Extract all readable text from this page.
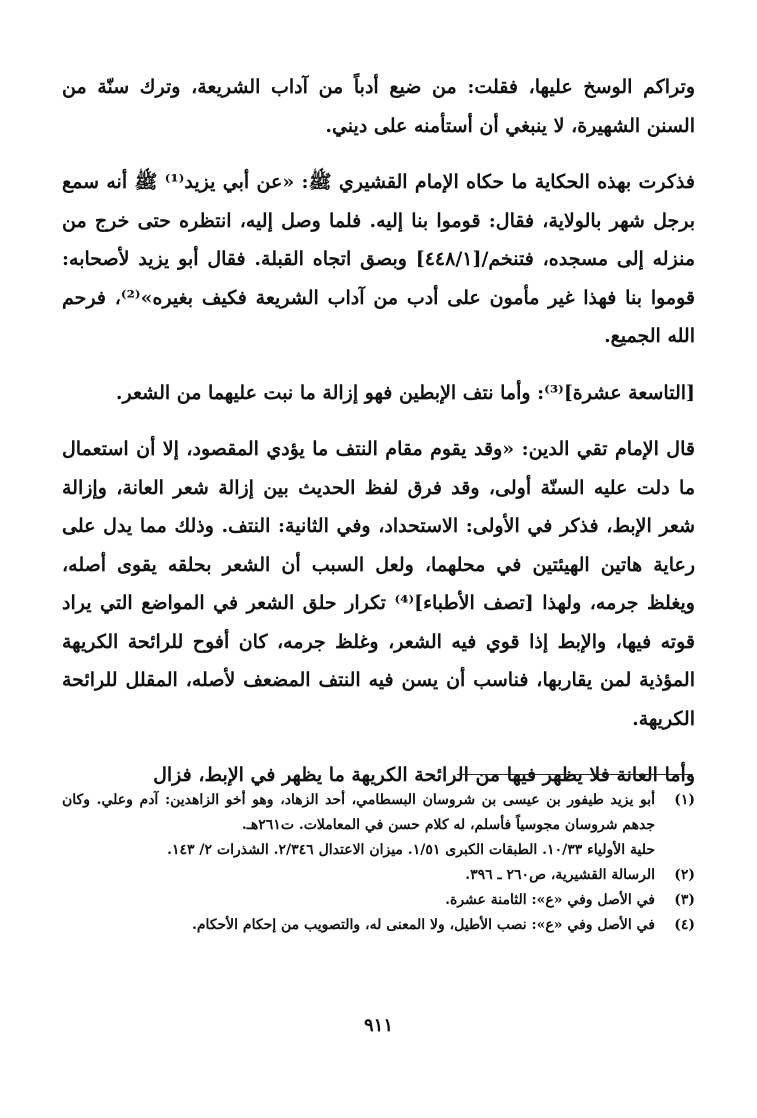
وتراكم الوسخ عليها، فقلت: من ضيع أدباً من آداب الشريعة، وترك سنّة من السنن الشهيرة، لا ينبغي أن أستأمنه على ديني.

فذكرت بهذه الحكاية ما حكاه الإمام القشيري ﷺ: «عن أبي يزيد⁽¹⁾ ﷺ أنه سمع برجل شهر بالولاية، فقال: قوموا بنا إليه. فلما وصل إليه، انتظره حتى خرج من منزله إلى مسجده، فتنخم/[٤٤٨/١] وبصق اتجاه القبلة. فقال أبو يزيد لأصحابه: قوموا بنا فهذا غير مأمون على أدب من آداب الشريعة فكيف بغيره»⁽²⁾، فرحم الله الجميع.

[التاسعة عشرة]⁽³⁾: وأما نتف الإبطين فهو إزالة ما نبت عليهما من الشعر.

قال الإمام تقي الدين: «وقد يقوم مقام النتف ما يؤدي المقصود، إلا أن استعمال ما دلت عليه السنّة أولى، وقد فرق لفظ الحديث بين إزالة شعر العانة، وإزالة شعر الإبط، فذكر في الأولى: الاستحداد، وفي الثانية: النتف. وذلك مما يدل على رعاية هاتين الهيئتين في محلهما، ولعل السبب أن الشعر بحلقه يقوى أصله، ويغلظ جرمه، ولهذا [تصف الأطباء]⁽⁴⁾ تكرار حلق الشعر في المواضع التي يراد قوته فيها، والإبط إذا قوي فيه الشعر، وغلظ جرمه، كان أفوح للرائحة الكريهة المؤذية لمن يقاربها، فناسب أن يسن فيه النتف المضعف لأصله، المقلل للرائحة الكريهة.

وأما العانة فلا يظهر فيها من الرائحة الكريهة ما يظهر في الإبط، فزال

(١)
أبو يزيد طيفور بن عيسى بن شروسان البسطامي، أحد الزهاد، وهو أخو الزاهدين: آدم وعلي. وكان جدهم شروسان مجوسياً فأسلم، له كلام حسن في المعاملات. ت٢٦١هـ.
حلية الأولياء ١٠/٣٣. الطبقات الكبرى ١/٥١. ميزان الاعتدال ٢/٣٤٦. الشذرات ٢/ ١٤٣.
(٢)
الرسالة القشيرية، ص٢٦٠ ـ ٣٩٦.
(٣)
في الأصل وفي «ع»: الثامنة عشرة.
(٤)
في الأصل وفي «ع»: نصب الأطيل، ولا المعنى له، والتصويب من إحكام الأحكام.
٩١١
